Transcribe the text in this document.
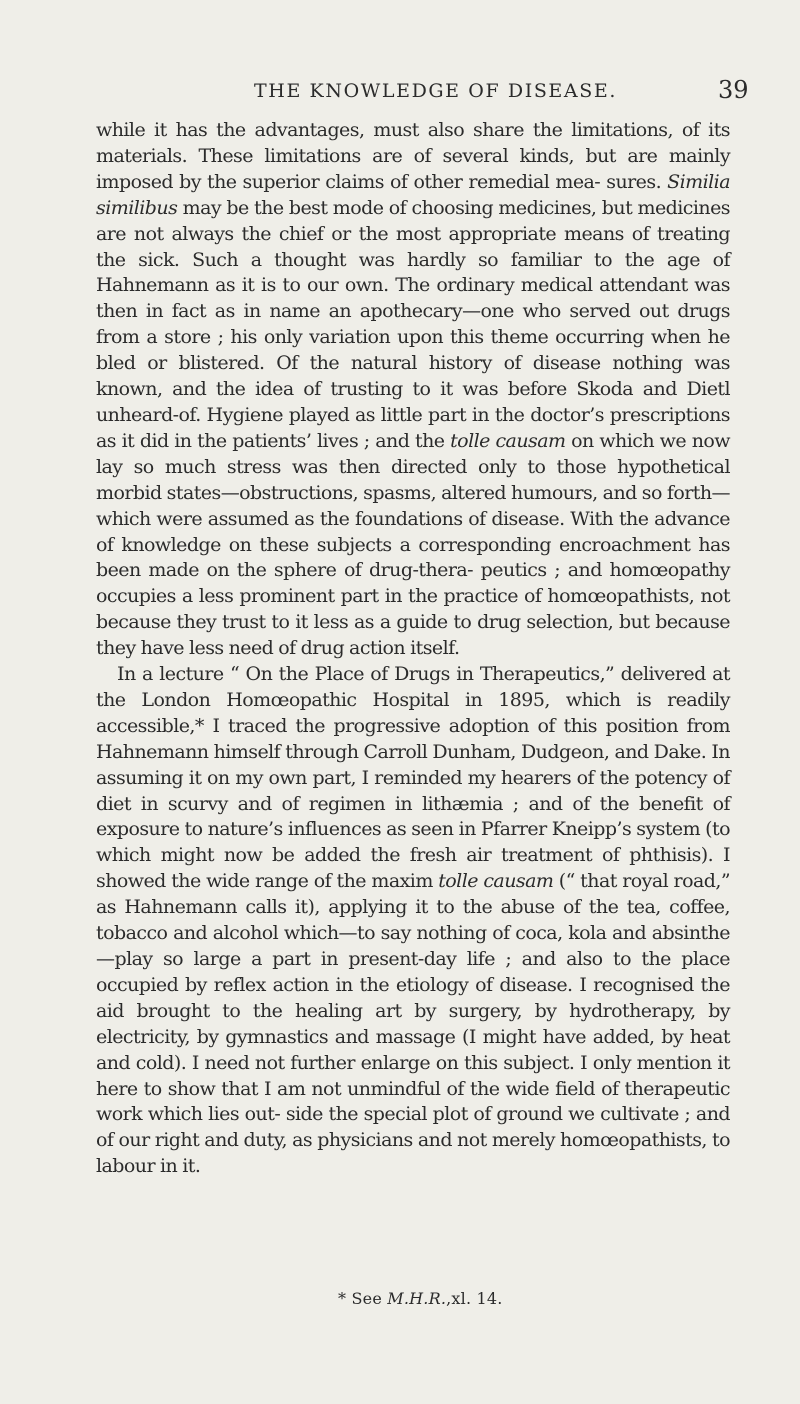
THE KNOWLEDGE OF DISEASE.	39

while it has the advantages, must also share the limitations, of its materials. These limitations are of several kinds, but are mainly imposed by the superior claims of other remedial mea- sures. Similia similibus may be the best mode of choosing medicines, but medicines are not always the chief or the most appropriate means of treating the sick. Such a thought was hardly so familiar to the age of Hahnemann as it is to our own. The ordinary medical attendant was then in fact as in name an apothecary—one who served out drugs from a store ; his only variation upon this theme occurring when he bled or blistered. Of the natural history of disease nothing was known, and the idea of trusting to it was before Skoda and Dietl unheard-of. Hygiene played as little part in the doctor’s prescriptions as it did in the patients’ lives ; and the tolle causam on which we now lay so much stress was then directed only to those hypothetical morbid states—obstructions, spasms, altered humours, and so forth—which were assumed as the foundations of disease. With the advance of knowledge on these subjects a corresponding encroachment has been made on the sphere of drug-thera- peutics ; and homœopathy occupies a less prominent part in the practice of homœopathists, not because they trust to it less as a guide to drug selection, but because they have less need of drug action itself.

In a lecture “ On the Place of Drugs in Therapeutics,” delivered at the London Homœopathic Hospital in 1895, which is readily accessible,* I traced the progressive adoption of this position from Hahnemann himself through Carroll Dunham, Dudgeon, and Dake. In assuming it on my own part, I reminded my hearers of the potency of diet in scurvy and of regimen in lithæmia ; and of the benefit of exposure to nature’s influences as seen in Pfarrer Kneipp’s system (to which might now be added the fresh air treatment of phthisis). I showed the wide range of the maxim tolle causam (“ that royal road,” as Hahnemann calls it), applying it to the abuse of the tea, coffee, tobacco and alcohol which—to say nothing of coca, kola and absinthe—play so large a part in present-day life ; and also to the place occupied by reflex action in the etiology of disease. I recognised the aid brought to the healing art by surgery, by hydrotherapy, by electricity, by gymnastics and massage (I might have added, by heat and cold). I need not further enlarge on this subject. I only mention it here to show that I am not unmindful of the wide field of therapeutic work which lies out- side the special plot of ground we cultivate ; and of our right and duty, as physicians and not merely homœopathists, to labour in it.

* See M.H.R.,xl. 14.
